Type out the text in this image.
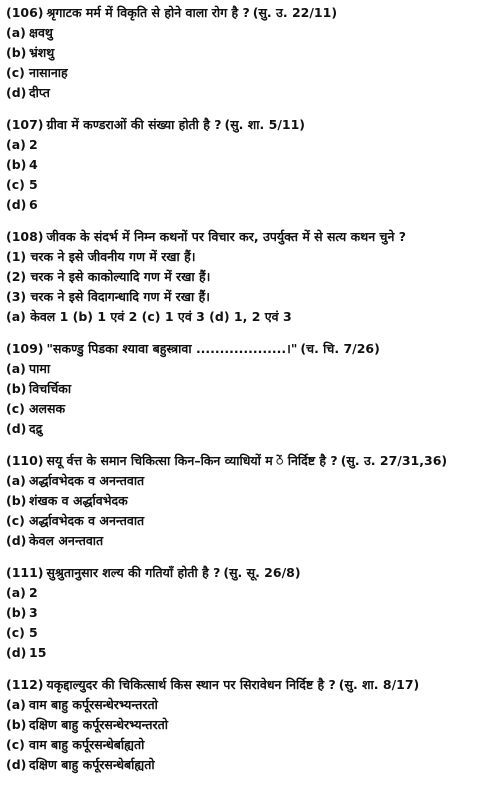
(106) श्रृगाटक मर्म में विकृति से होने वाला रोग है ? (सु. उ. 22/11)
(a) क्षवथु
(b) भ्रंशथु
(c) नासानाह
(d) दीप्त
(107) ग्रीवा में कण्डराओं की संख्या होती है ? (सु. शा. 5/11)
(a) 2
(b) 4
(c) 5
(d) 6
(108) जीवक के संदर्भ में निम्न कथनों पर विचार कर, उपर्युक्त में से सत्य कथन चुने ?
(1) चरक ने इसे जीवनीय गण में रखा हैं।
(2) चरक ने इसे काकोल्यादि गण में रखा हैं।
(3) चरक ने इसे विदागन्धादि गण में रखा हैं।
(a) केवल 1 (b) 1 एवं 2 (c) 1 एवं 3 (d) 1, 2 एवं 3
(109) "सकण्डु पिडका श्यावा बहुस्त्रावा ...................।" (च. चि. 7/26)
(a) पामा
(b) विचर्चिका
(c) अलसक
(d) दद्रु
(110) सयू र्वत्त के समान चिकित्सा किन–किन व्याधियों म ें निर्दिष्ट है ? (सु. उ. 27/31,36)
(a) अर्द्धावभेदक व अनन्तवात
(b) शंखक व अर्द्धावभेदक
(c) अर्द्धावभेदक व अनन्तवात
(d) केवल अनन्तवात
(111) सुश्रुतानुसार शल्य की गतियाँ होती है ? (सु. सू. 26/8)
(a) 2
(b) 3
(c) 5
(d) 15
(112) यकृद्दाल्युदर की चिकित्सार्थ किस स्थान पर सिरावेधन निर्दिष्ट है ? (सु. शा. 8/17)
(a) वाम बाहु कर्पूरसन्धेरभ्यन्तरतो
(b) दक्षिण बाहु कर्पूरसन्धेरभ्यन्तरतो
(c) वाम बाहु कर्पूरसन्धेर्बाह्यतो
(d) दक्षिण बाहु कर्पूरसन्धेर्बाह्यतो
